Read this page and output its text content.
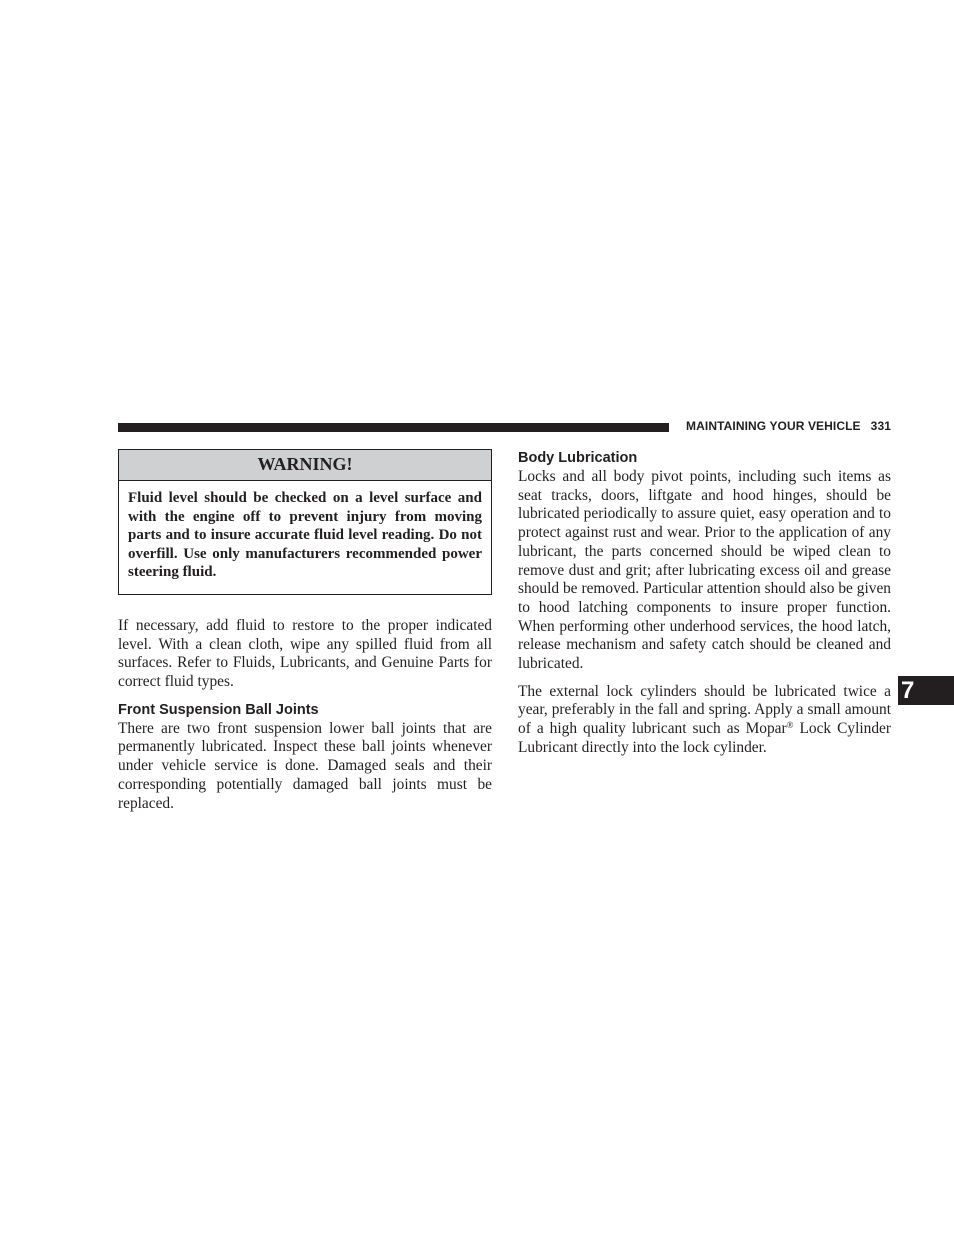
MAINTAINING YOUR VEHICLE 331
WARNING!
Fluid level should be checked on a level surface and with the engine off to prevent injury from moving parts and to insure accurate fluid level reading. Do not overfill. Use only manufacturers recommended power steering fluid.

If necessary, add fluid to restore to the proper indicated level. With a clean cloth, wipe any spilled fluid from all surfaces. Refer to Fluids, Lubricants, and Genuine Parts for correct fluid types.

Front Suspension Ball Joints

There are two front suspension lower ball joints that are permanently lubricated. Inspect these ball joints whenever under vehicle service is done. Damaged seals and their corresponding potentially damaged ball joints must be replaced.

Body Lubrication

Locks and all body pivot points, including such items as seat tracks, doors, liftgate and hood hinges, should be lubricated periodically to assure quiet, easy operation and to protect against rust and wear. Prior to the application of any lubricant, the parts concerned should be wiped clean to remove dust and grit; after lubricating excess oil and grease should be removed. Particular attention should also be given to hood latching components to insure proper function. When performing other underhood services, the hood latch, release mechanism and safety catch should be cleaned and lubricated.

The external lock cylinders should be lubricated twice a year, preferably in the fall and spring. Apply a small amount of a high quality lubricant such as Mopar® Lock Cylinder Lubricant directly into the lock cylinder.

7
